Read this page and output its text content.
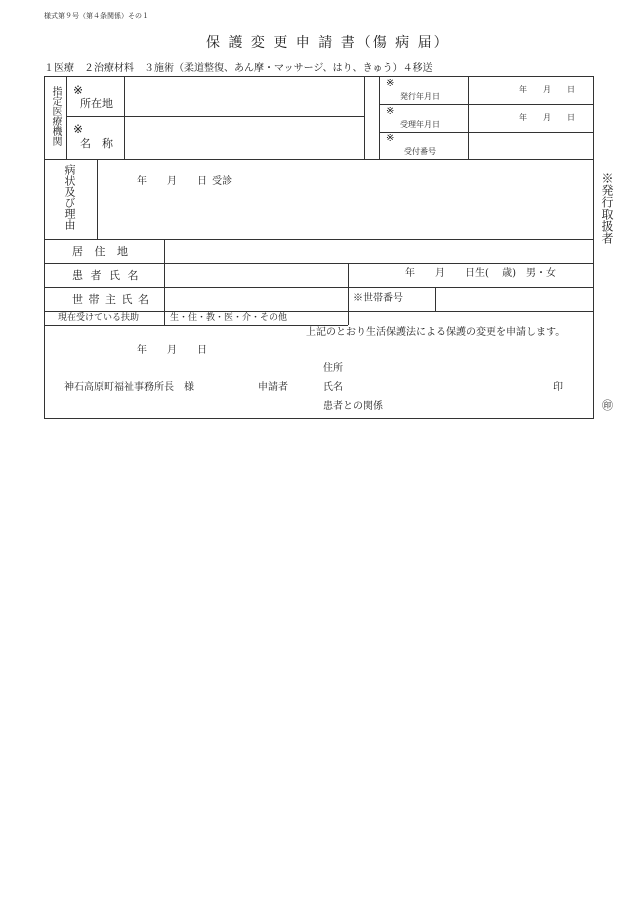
様式第９号（第４条関係）その１
保 護 変 更 申 請 書（傷 病 届）
１医療　２治療材料　３施術（柔道整復、あん摩・マッサージ、はり、きゅう）４移送
指定医療機関 ※
所在地
※
名　称
※
発行年月日
年　　月　　日
※
受理年月日
年　　月　　日
※
受付番号
病状及び理由	年　　月　　日 受診
居 住 地
患 者 氏 名	年　　月　　日生(　 歳)　男・女
世 帯 主 氏 名	※世帯番号
現在受けている扶助	生・住・教・医・介・その他
上記のとおり生活保護法による保護の変更を申請します。
年　　月　　日
住所
神石高原町福祉事務所長　様	申請者	氏名	印
患者との関係
※発行取扱者
㊞
